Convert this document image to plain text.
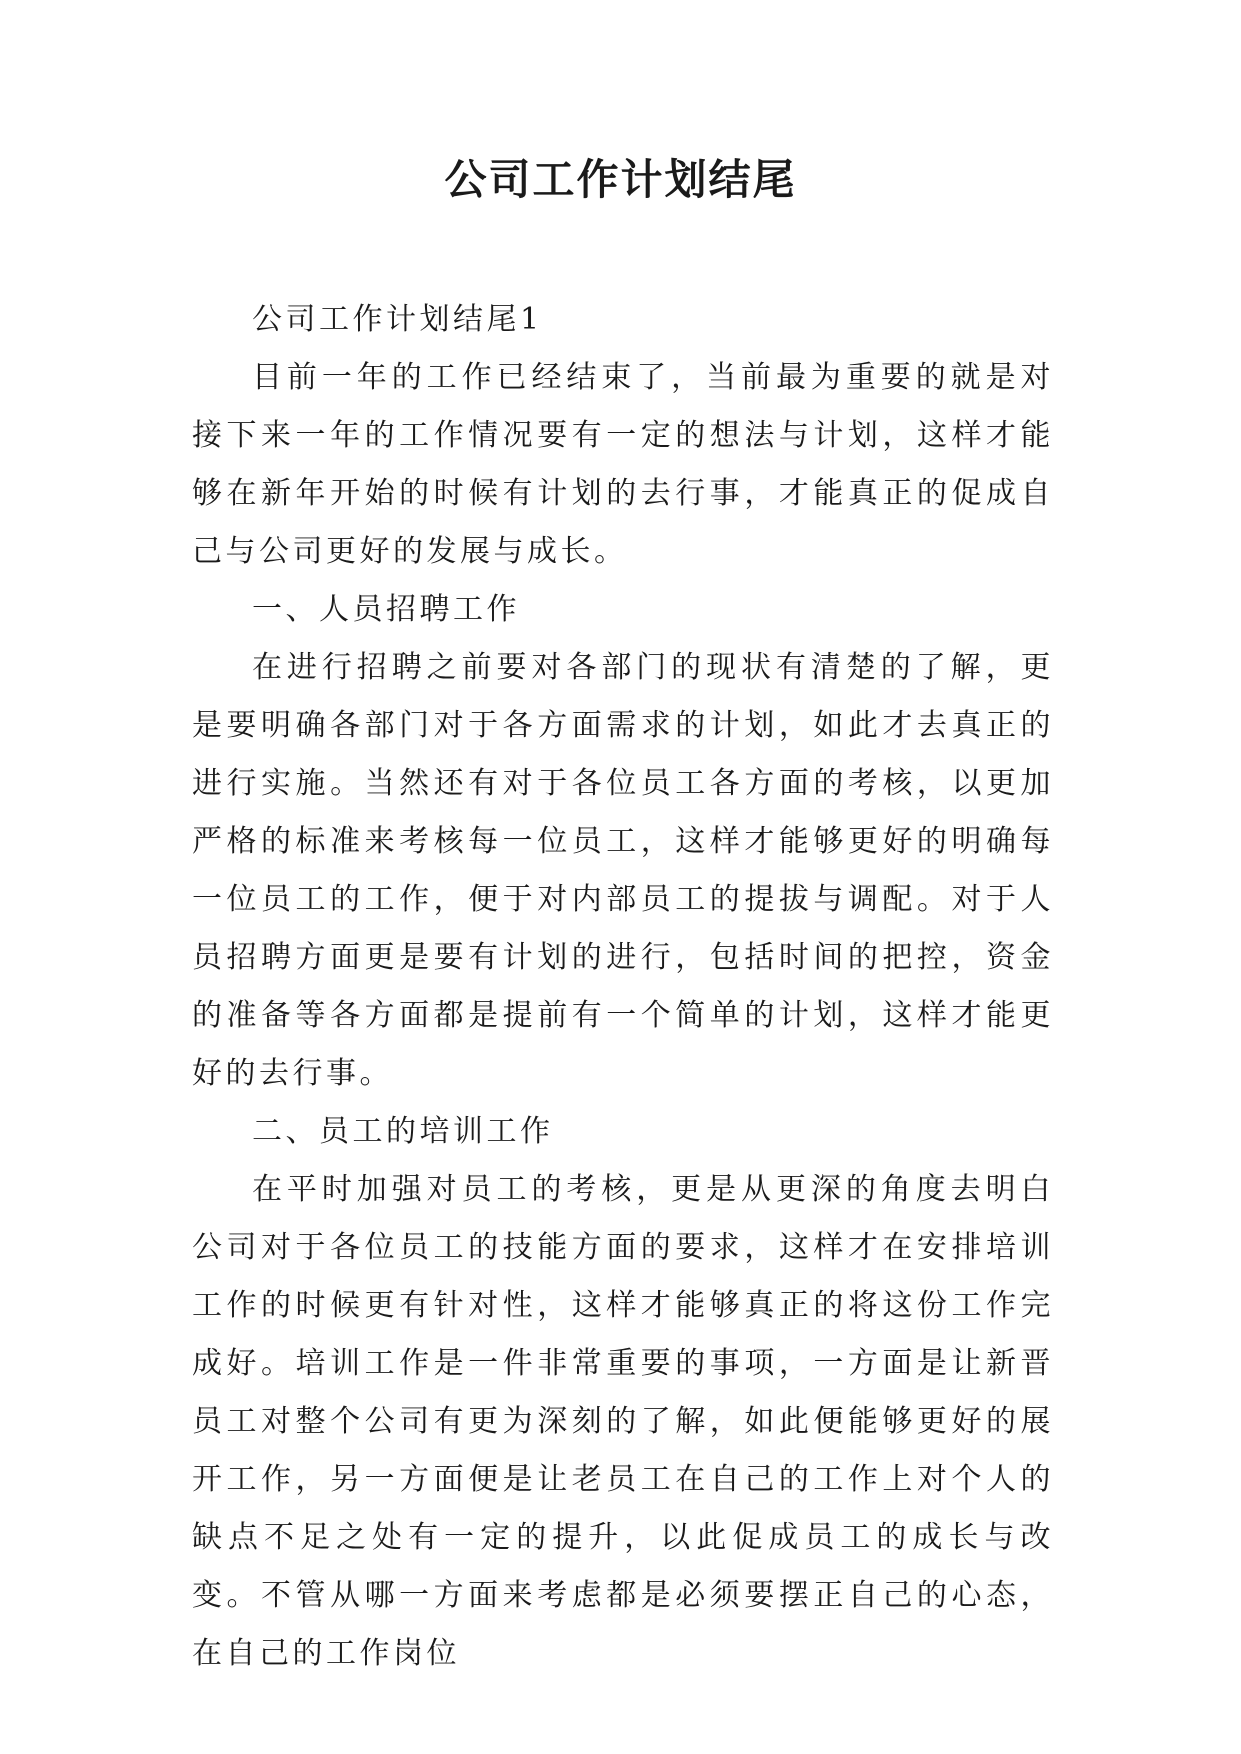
公司工作计划结尾

公司工作计划结尾1

目前一年的工作已经结束了，当前最为重要的就是对接下来一年的工作情况要有一定的想法与计划，这样才能够在新年开始的时候有计划的去行事，才能真正的促成自己与公司更好的发展与成长。

一、人员招聘工作

在进行招聘之前要对各部门的现状有清楚的了解，更是要明确各部门对于各方面需求的计划，如此才去真正的进行实施。当然还有对于各位员工各方面的考核，以更加严格的标准来考核每一位员工，这样才能够更好的明确每一位员工的工作，便于对内部员工的提拔与调配。对于人员招聘方面更是要有计划的进行，包括时间的把控，资金的准备等各方面都是提前有一个简单的计划，这样才能更好的去行事。

二、员工的培训工作

在平时加强对员工的考核，更是从更深的角度去明白公司对于各位员工的技能方面的要求，这样才在安排培训工作的时候更有针对性，这样才能够真正的将这份工作完成好。培训工作是一件非常重要的事项，一方面是让新晋员工对整个公司有更为深刻的了解，如此便能够更好的展开工作，另一方面便是让老员工在自己的工作上对个人的缺点不足之处有一定的提升，以此促成员工的成长与改变。不管从哪一方面来考虑都是必须要摆正自己的心态，在自己的工作岗位
